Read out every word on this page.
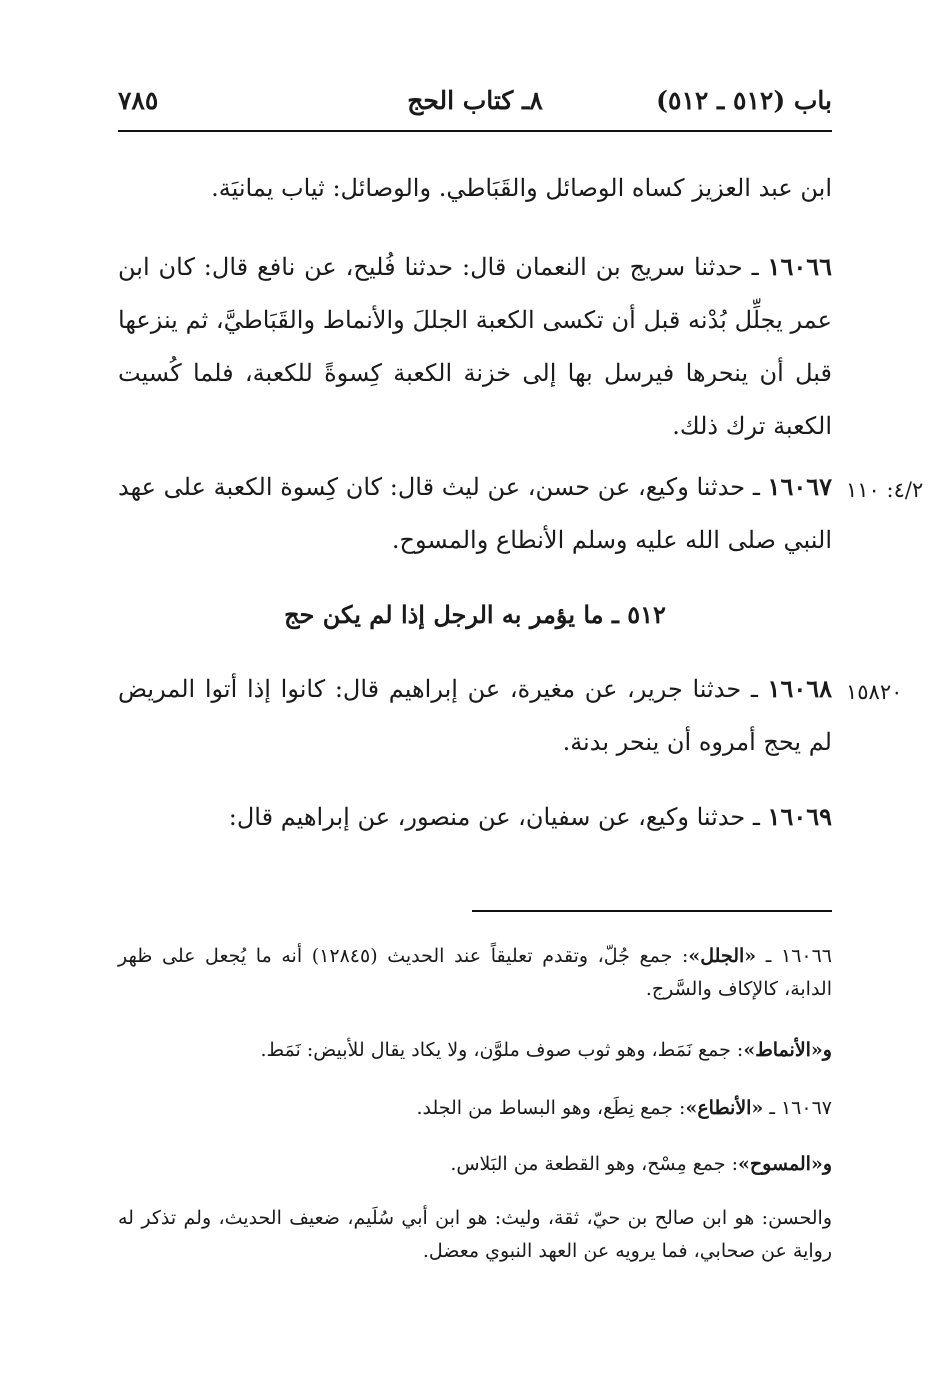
باب (٥١٢ ـ ٥١٢)
٨ـ كتاب الحج
٧٨٥
ابن عبد العزيز كساه الوصائل والقَبَاطي. والوصائل: ثياب يمانيَة.
١٦٠٦٦ ـ حدثنا سريج بن النعمان قال: حدثنا فُليح، عن نافع قال: كان ابن عمر يجلِّل بُدْنه قبل أن تكسى الكعبة الجللَ والأنماط والقَبَاطيَّ، ثم ينزعها قبل أن ينحرها فيرسل بها إلى خزنة الكعبة كِسوةً للكعبة، فلما كُسيت الكعبة ترك ذلك.
٤/٢: ١١٠
١٦٠٦٧ ـ حدثنا وكيع، عن حسن، عن ليث قال: كان كِسوة الكعبة على عهد النبي صلى الله عليه وسلم الأنطاع والمسوح.
٥١٢ ـ ما يؤمر به الرجل إذا لم يكن حج
١٥٨٢٠
١٦٠٦٨ ـ حدثنا جرير، عن مغيرة، عن إبراهيم قال: كانوا إذا أتوا المريض لم يحج أمروه أن ينحر بدنة.
١٦٠٦٩ ـ حدثنا وكيع، عن سفيان، عن منصور، عن إبراهيم قال:
١٦٠٦٦ ـ «الجلل»: جمع جُلّ، وتقدم تعليقاً عند الحديث (١٢٨٤٥) أنه ما يُجعل على ظهر الدابة، كالإكاف والسَّرج.
و«الأنماط»: جمع نَمَط، وهو ثوب صوف ملوَّن، ولا يكاد يقال للأبيض: نَمَط.
١٦٠٦٧ ـ «الأنطاع»: جمع نِطَع، وهو البساط من الجلد.
و«المسوح»: جمع مِسْح، وهو القطعة من البَلاس.
والحسن: هو ابن صالح بن حيّ، ثقة، وليث: هو ابن أبي سُلَيم، ضعيف الحديث، ولم تذكر له رواية عن صحابي، فما يرويه عن العهد النبوي معضل.
